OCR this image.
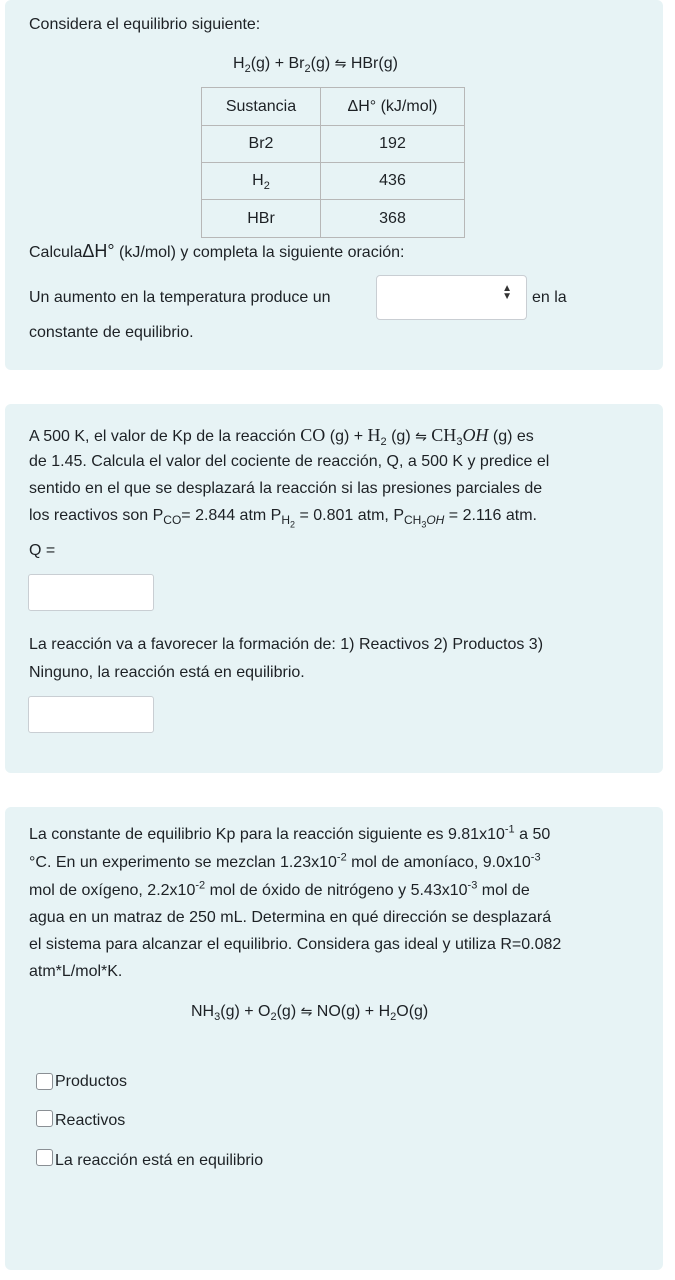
Considera el equilibrio siguiente:
$H_2(g) + Br_2(g)$ ⇋ HBr(g)
Sustancia	ΔH° (kJ/mol)
Br2	192
$H_2$	436
HBr	368
CalculaΔH° (kJ/mol) y completa la siguiente oración:
Un aumento en la temperatura produce un
▲
▼ en la
constante de equilibrio.
A 500 K, el valor de Kp de la reacción CO $(g) + H_2$ (g) ⇋ $CH_3OH$ (g) es
de 1.45. Calcula el valor del cociente de reacción, Q, a 500 K y predice el
sentido en el que se desplazará la reacción si las presiones parciales de
los reactivos son $P_{CO}= 2.844$ atm $P_{H_2} = 0.801$ atm, $P_{CH_3OH} = 2.116$ atm.
Q =
La reacción va a favorecer la formación de: 1) Reactivos 2) Productos 3)
Ninguno, la reacción está en equilibrio.
La constante de equilibrio Kp para la reacción siguiente es $9.81x10^{-1}$ a 50
°C. En un experimento se mezclan $1.23x10^{-2}$ mol de amoníaco, $9.0x10^{-3}$
mol de oxígeno, $2.2x10^{-2}$ mol de óxido de nitrógeno y $5.43x10^{-3}$ mol de
agua en un matraz de 250 mL. Determina en qué dirección se desplazará
el sistema para alcanzar el equilibrio. Considera gas ideal y utiliza R=0.082
atm*L/mol*K.
$NH_3(g) + O_2(g)$ ⇋ $NO(g) + H_2O(g)$
Productos
Reactivos
La reacción está en equilibrio
